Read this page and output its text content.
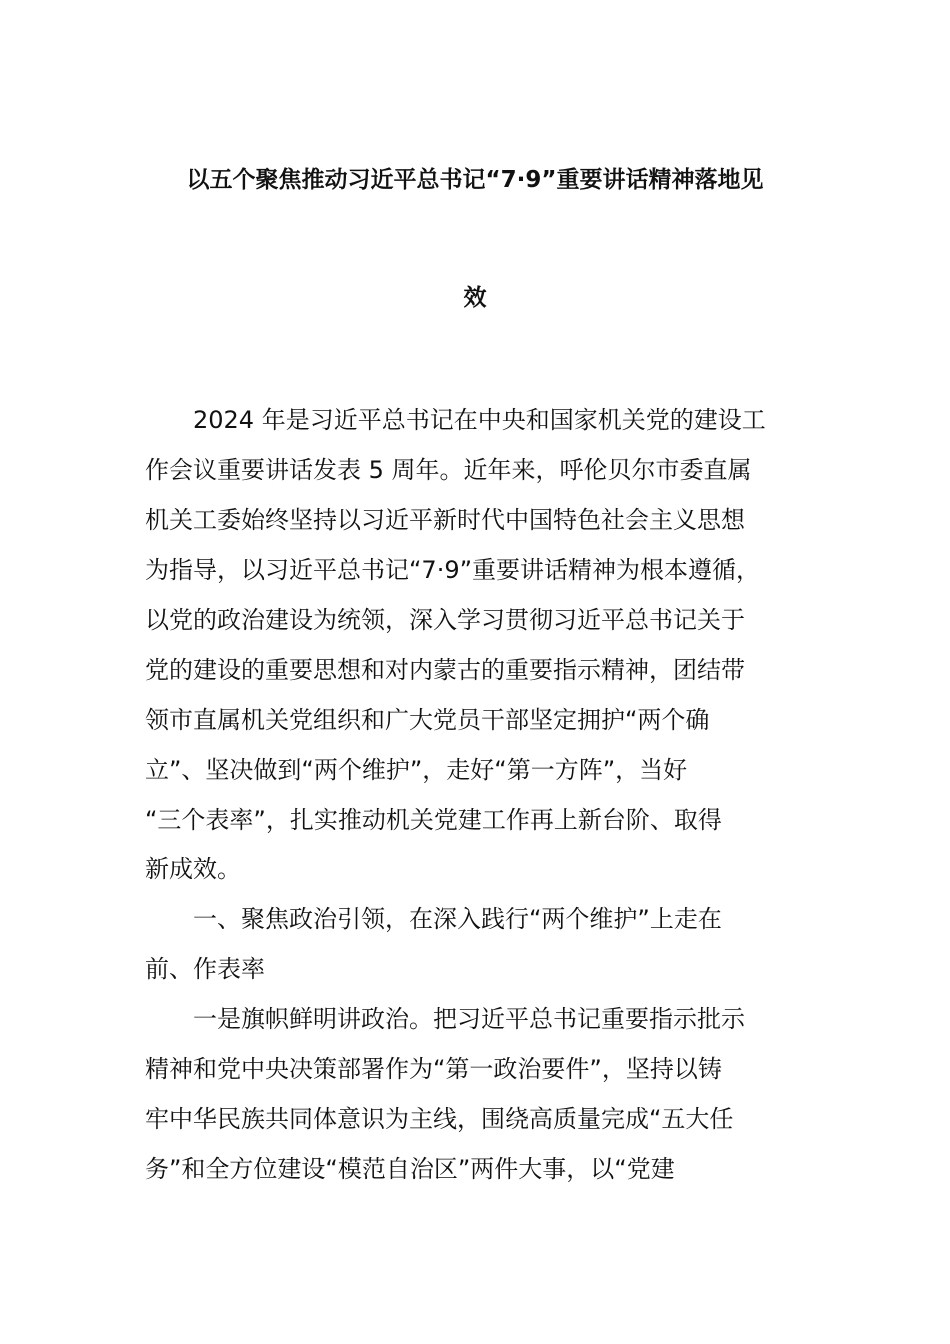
以五个聚焦推动习近平总书记“7·9”重要讲话精神落地见
效
2024 年是习近平总书记在中央和国家机关党的建设工
作会议重要讲话发表 5 周年。近年来，呼伦贝尔市委直属
机关工委始终坚持以习近平新时代中国特色社会主义思想
为指导，以习近平总书记“7·9”重要讲话精神为根本遵循，
以党的政治建设为统领，深入学习贯彻习近平总书记关于
党的建设的重要思想和对内蒙古的重要指示精神，团结带
领市直属机关党组织和广大党员干部坚定拥护“两个确
立”、坚决做到“两个维护”，走好“第一方阵”，当好
“三个表率”，扎实推动机关党建工作再上新台阶、取得
新成效。
一、聚焦政治引领，在深入践行“两个维护”上走在
前、作表率
一是旗帜鲜明讲政治。把习近平总书记重要指示批示
精神和党中央决策部署作为“第一政治要件”，坚持以铸
牢中华民族共同体意识为主线，围绕高质量完成“五大任
务”和全方位建设“模范自治区”两件大事，以“党建
